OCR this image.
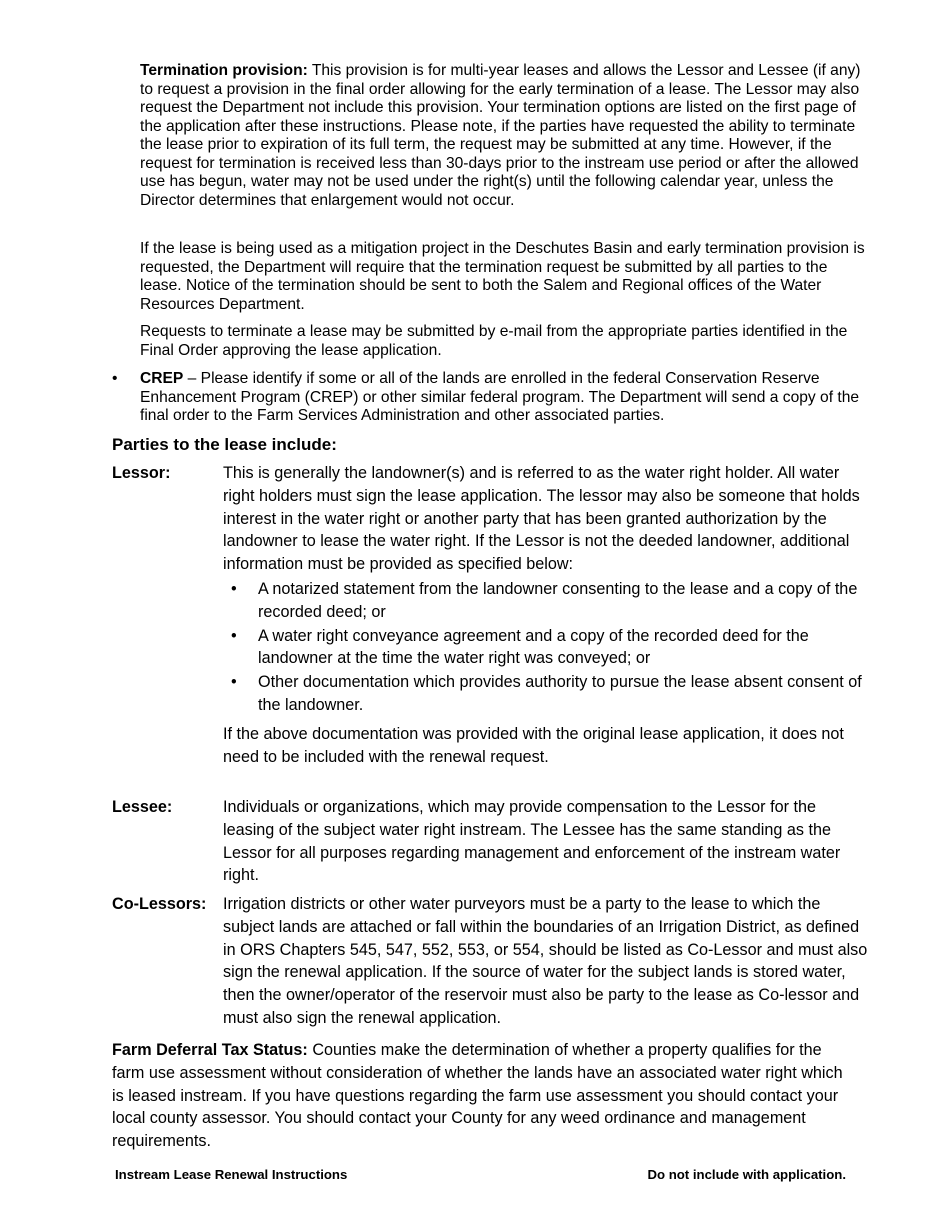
Termination provision: This provision is for multi-year leases and allows the Lessor and Lessee (if any) to request a provision in the final order allowing for the early termination of a lease. The Lessor may also request the Department not include this provision. Your termination options are listed on the first page of the application after these instructions. Please note, if the parties have requested the ability to terminate the lease prior to expiration of its full term, the request may be submitted at any time. However, if the request for termination is received less than 30-days prior to the instream use period or after the allowed use has begun, water may not be used under the right(s) until the following calendar year, unless the Director determines that enlargement would not occur.

If the lease is being used as a mitigation project in the Deschutes Basin and early termination provision is requested, the Department will require that the termination request be submitted by all parties to the lease. Notice of the termination should be sent to both the Salem and Regional offices of the Water Resources Department.

Requests to terminate a lease may be submitted by e-mail from the appropriate parties identified in the Final Order approving the lease application.

•	CREP – Please identify if some or all of the lands are enrolled in the federal Conservation Reserve Enhancement Program (CREP) or other similar federal program. The Department will send a copy of the final order to the Farm Services Administration and other associated parties.
Parties to the lease include:
Lessor:	This is generally the landowner(s) and is referred to as the water right holder. All water right holders must sign the lease application. The lessor may also be someone that holds interest in the water right or another party that has been granted authorization by the landowner to lease the water right. If the Lessor is not the deeded landowner, additional information must be provided as specified below:

• A notarized statement from the landowner consenting to the lease and a copy of the recorded deed; or
• A water right conveyance agreement and a copy of the recorded deed for the landowner at the time the water right was conveyed; or
• Other documentation which provides authority to pursue the lease absent consent of the landowner.

If the above documentation was provided with the original lease application, it does not need to be included with the renewal request.

Lessee:	Individuals or organizations, which may provide compensation to the Lessor for the leasing of the subject water right instream. The Lessee has the same standing as the Lessor for all purposes regarding management and enforcement of the instream water right.

Co-Lessors:	Irrigation districts or other water purveyors must be a party to the lease to which the subject lands are attached or fall within the boundaries of an Irrigation District, as defined in ORS Chapters 545, 547, 552, 553, or 554, should be listed as Co-Lessor and must also sign the renewal application. If the source of water for the subject lands is stored water, then the owner/operator of the reservoir must also be party to the lease as Co-lessor and must also sign the renewal application.

Farm Deferral Tax Status: Counties make the determination of whether a property qualifies for the farm use assessment without consideration of whether the lands have an associated water right which is leased instream. If you have questions regarding the farm use assessment you should contact your local county assessor. You should contact your County for any weed ordinance and management requirements.

Instream Lease Renewal Instructions	Do not include with application.
